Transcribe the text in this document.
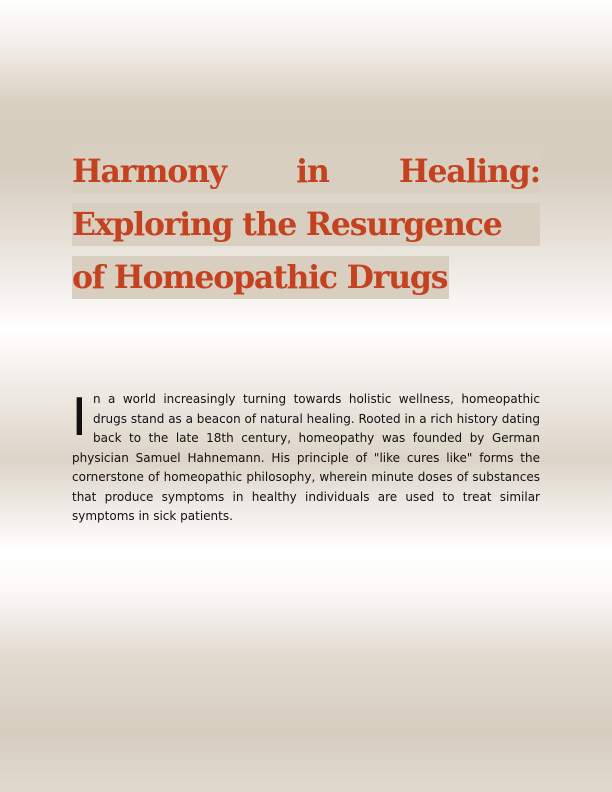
Harmony in Healing:
Exploring the Resurgence
of Homeopathic Drugs
I n a world increasingly turning towards holistic wellness, homeopathic drugs stand as a beacon of natural healing. Rooted in a rich history dating back to the late 18th century, homeopathy was founded by German physician Samuel Hahnemann. His principle of "like cures like" forms the cornerstone of homeopathic philosophy, wherein minute doses of substances that produce symptoms in healthy individuals are used to treat similar symptoms in sick patients.
